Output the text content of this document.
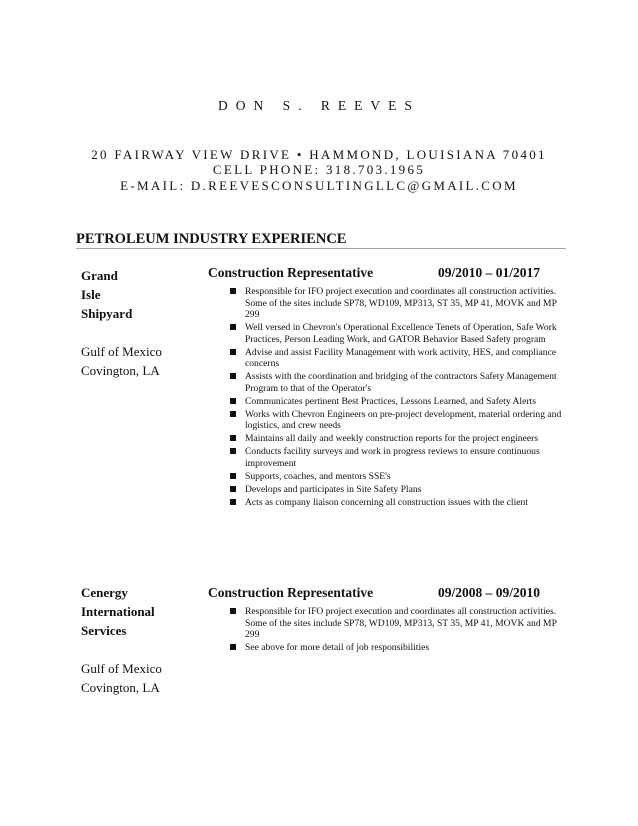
DON S. REEVES
20 FAIRWAY VIEW DRIVE • HAMMOND, LOUISIANA 70401
CELL PHONE: 318.703.1965
E-MAIL: D.REEVESCONSULTINGLLC@GMAIL.COM
PETROLEUM INDUSTRY EXPERIENCE
Grand
Isle
Shipyard
Gulf of Mexico
Covington, LA
Construction Representative	09/2010 – 01/2017
Responsible for IFO project execution and coordinates all construction activities. Some of the sites include SP78, WD109, MP313, ST 35, MP 41, MOVK and MP 299
Well versed in Chevron's Operational Excellence Tenets of Operation, Safe Work Practices, Person Leading Work, and GATOR Behavior Based Safety program
Advise and assist Facility Management with work activity, HES, and compliance concerns
Assists with the coordination and bridging of the contractors Safety Management Program to that of the Operator's
Communicates pertinent Best Practices, Lessons Learned, and Safety Alerts
Works with Chevron Engineers on pre-project development, material ordering and logistics, and crew needs
Maintains all daily and weekly construction reports for the project engineers
Conducts facility surveys and work in progress reviews to ensure continuous improvement
Supports, coaches, and mentors SSE's
Develops and participates in Site Safety Plans
Acts as company liaison concerning all construction issues with the client
Cenergy
International
Services
Gulf of Mexico
Covington, LA
Construction Representative	09/2008 – 09/2010
Responsible for IFO project execution and coordinates all construction activities. Some of the sites include SP78, WD109, MP313, ST 35, MP 41, MOVK and MP 299
See above for more detail of job responsibilities
